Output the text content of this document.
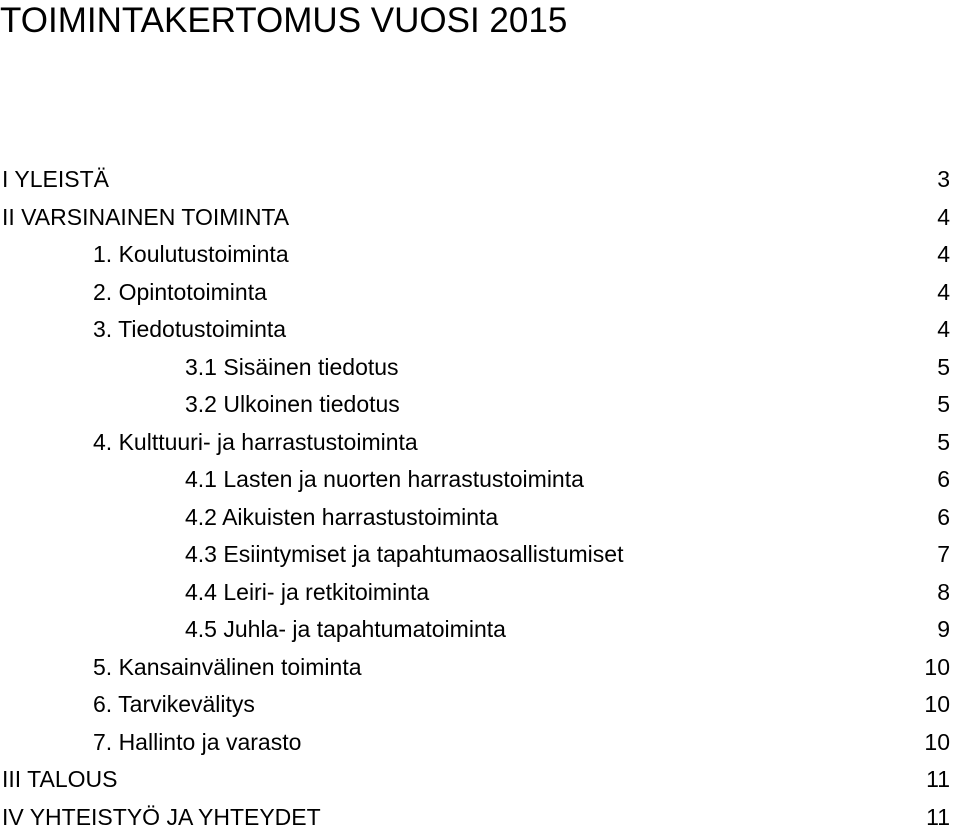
TOIMINTAKERTOMUS VUOSI 2015
I YLEISTÄ	3
II VARSINAINEN TOIMINTA	4
1. Koulutustoiminta	4
2. Opintotoiminta	4
3. Tiedotustoiminta	4
3.1 Sisäinen tiedotus	5
3.2 Ulkoinen tiedotus	5
4. Kulttuuri- ja harrastustoiminta	5
4.1 Lasten ja nuorten harrastustoiminta	6
4.2 Aikuisten harrastustoiminta	6
4.3 Esiintymiset ja tapahtumaosallistumiset	7
4.4 Leiri- ja retkitoiminta	8
4.5 Juhla- ja tapahtumatoiminta	9
5. Kansainvälinen toiminta	10
6. Tarvikevälitys	10
7. Hallinto ja varasto	10
III TALOUS	11
IV YHTEISTYÖ JA YHTEYDET	11
